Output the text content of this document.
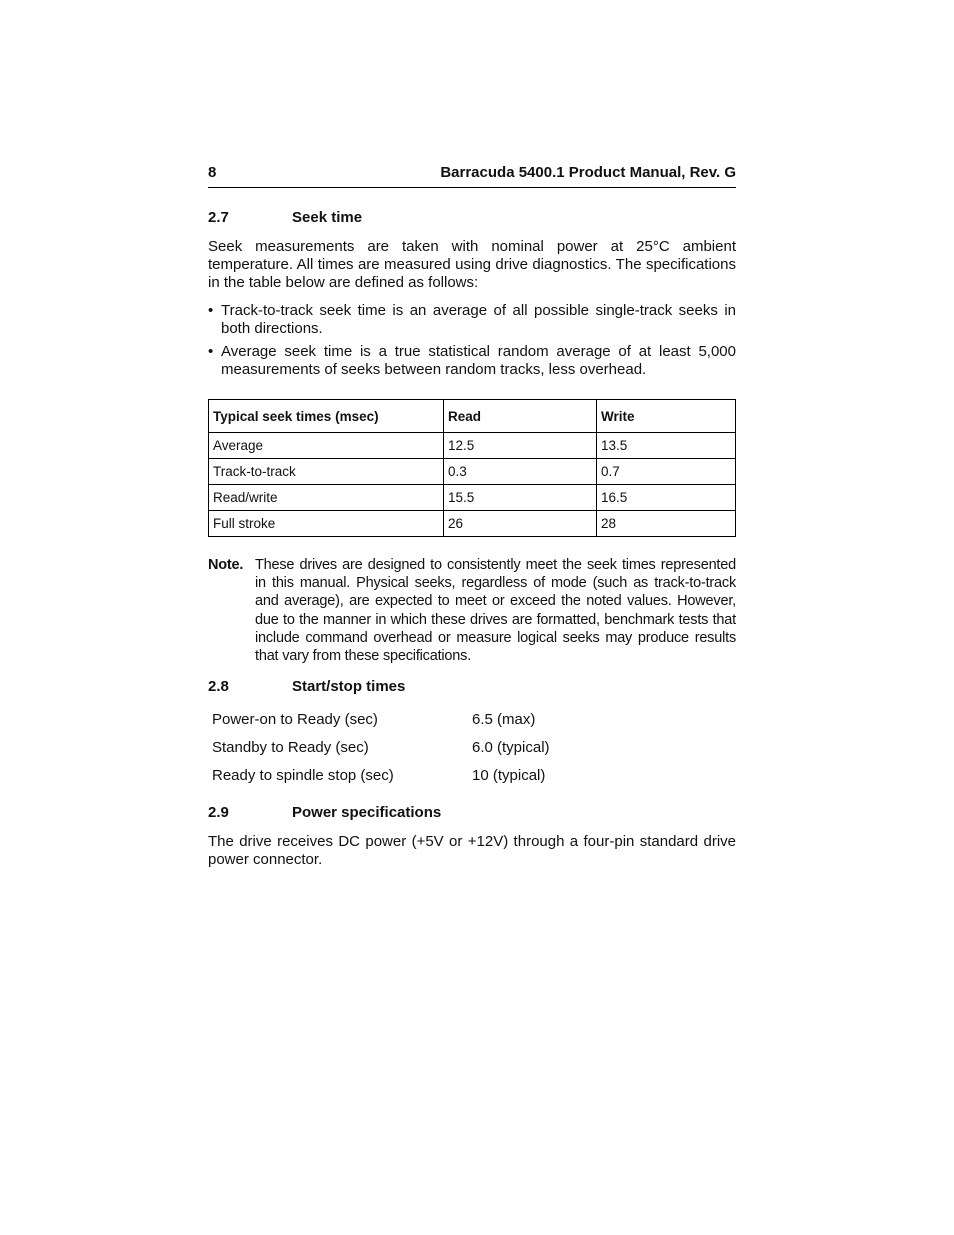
8	Barracuda 5400.1 Product Manual, Rev. G
2.7	Seek time
Seek measurements are taken with nominal power at 25°C ambient temperature. All times are measured using drive diagnostics. The specifications in the table below are defined as follows:
• Track-to-track seek time is an average of all possible single-track seeks in both directions.
• Average seek time is a true statistical random average of at least 5,000 measurements of seeks between random tracks, less overhead.
Typical seek times (msec)	Read	Write
Average	12.5	13.5
Track-to-track	0.3	0.7
Read/write	15.5	16.5
Full stroke	26	28
Note. These drives are designed to consistently meet the seek times represented in this manual. Physical seeks, regardless of mode (such as track-to-track and average), are expected to meet or exceed the noted values. However, due to the manner in which these drives are formatted, benchmark tests that include command overhead or measure logical seeks may produce results that vary from these specifications.
2.8	Start/stop times
Power-on to Ready (sec)	6.5 (max)
Standby to Ready (sec)	6.0 (typical)
Ready to spindle stop (sec)	10 (typical)
2.9	Power specifications
The drive receives DC power (+5V or +12V) through a four-pin standard drive power connector.
